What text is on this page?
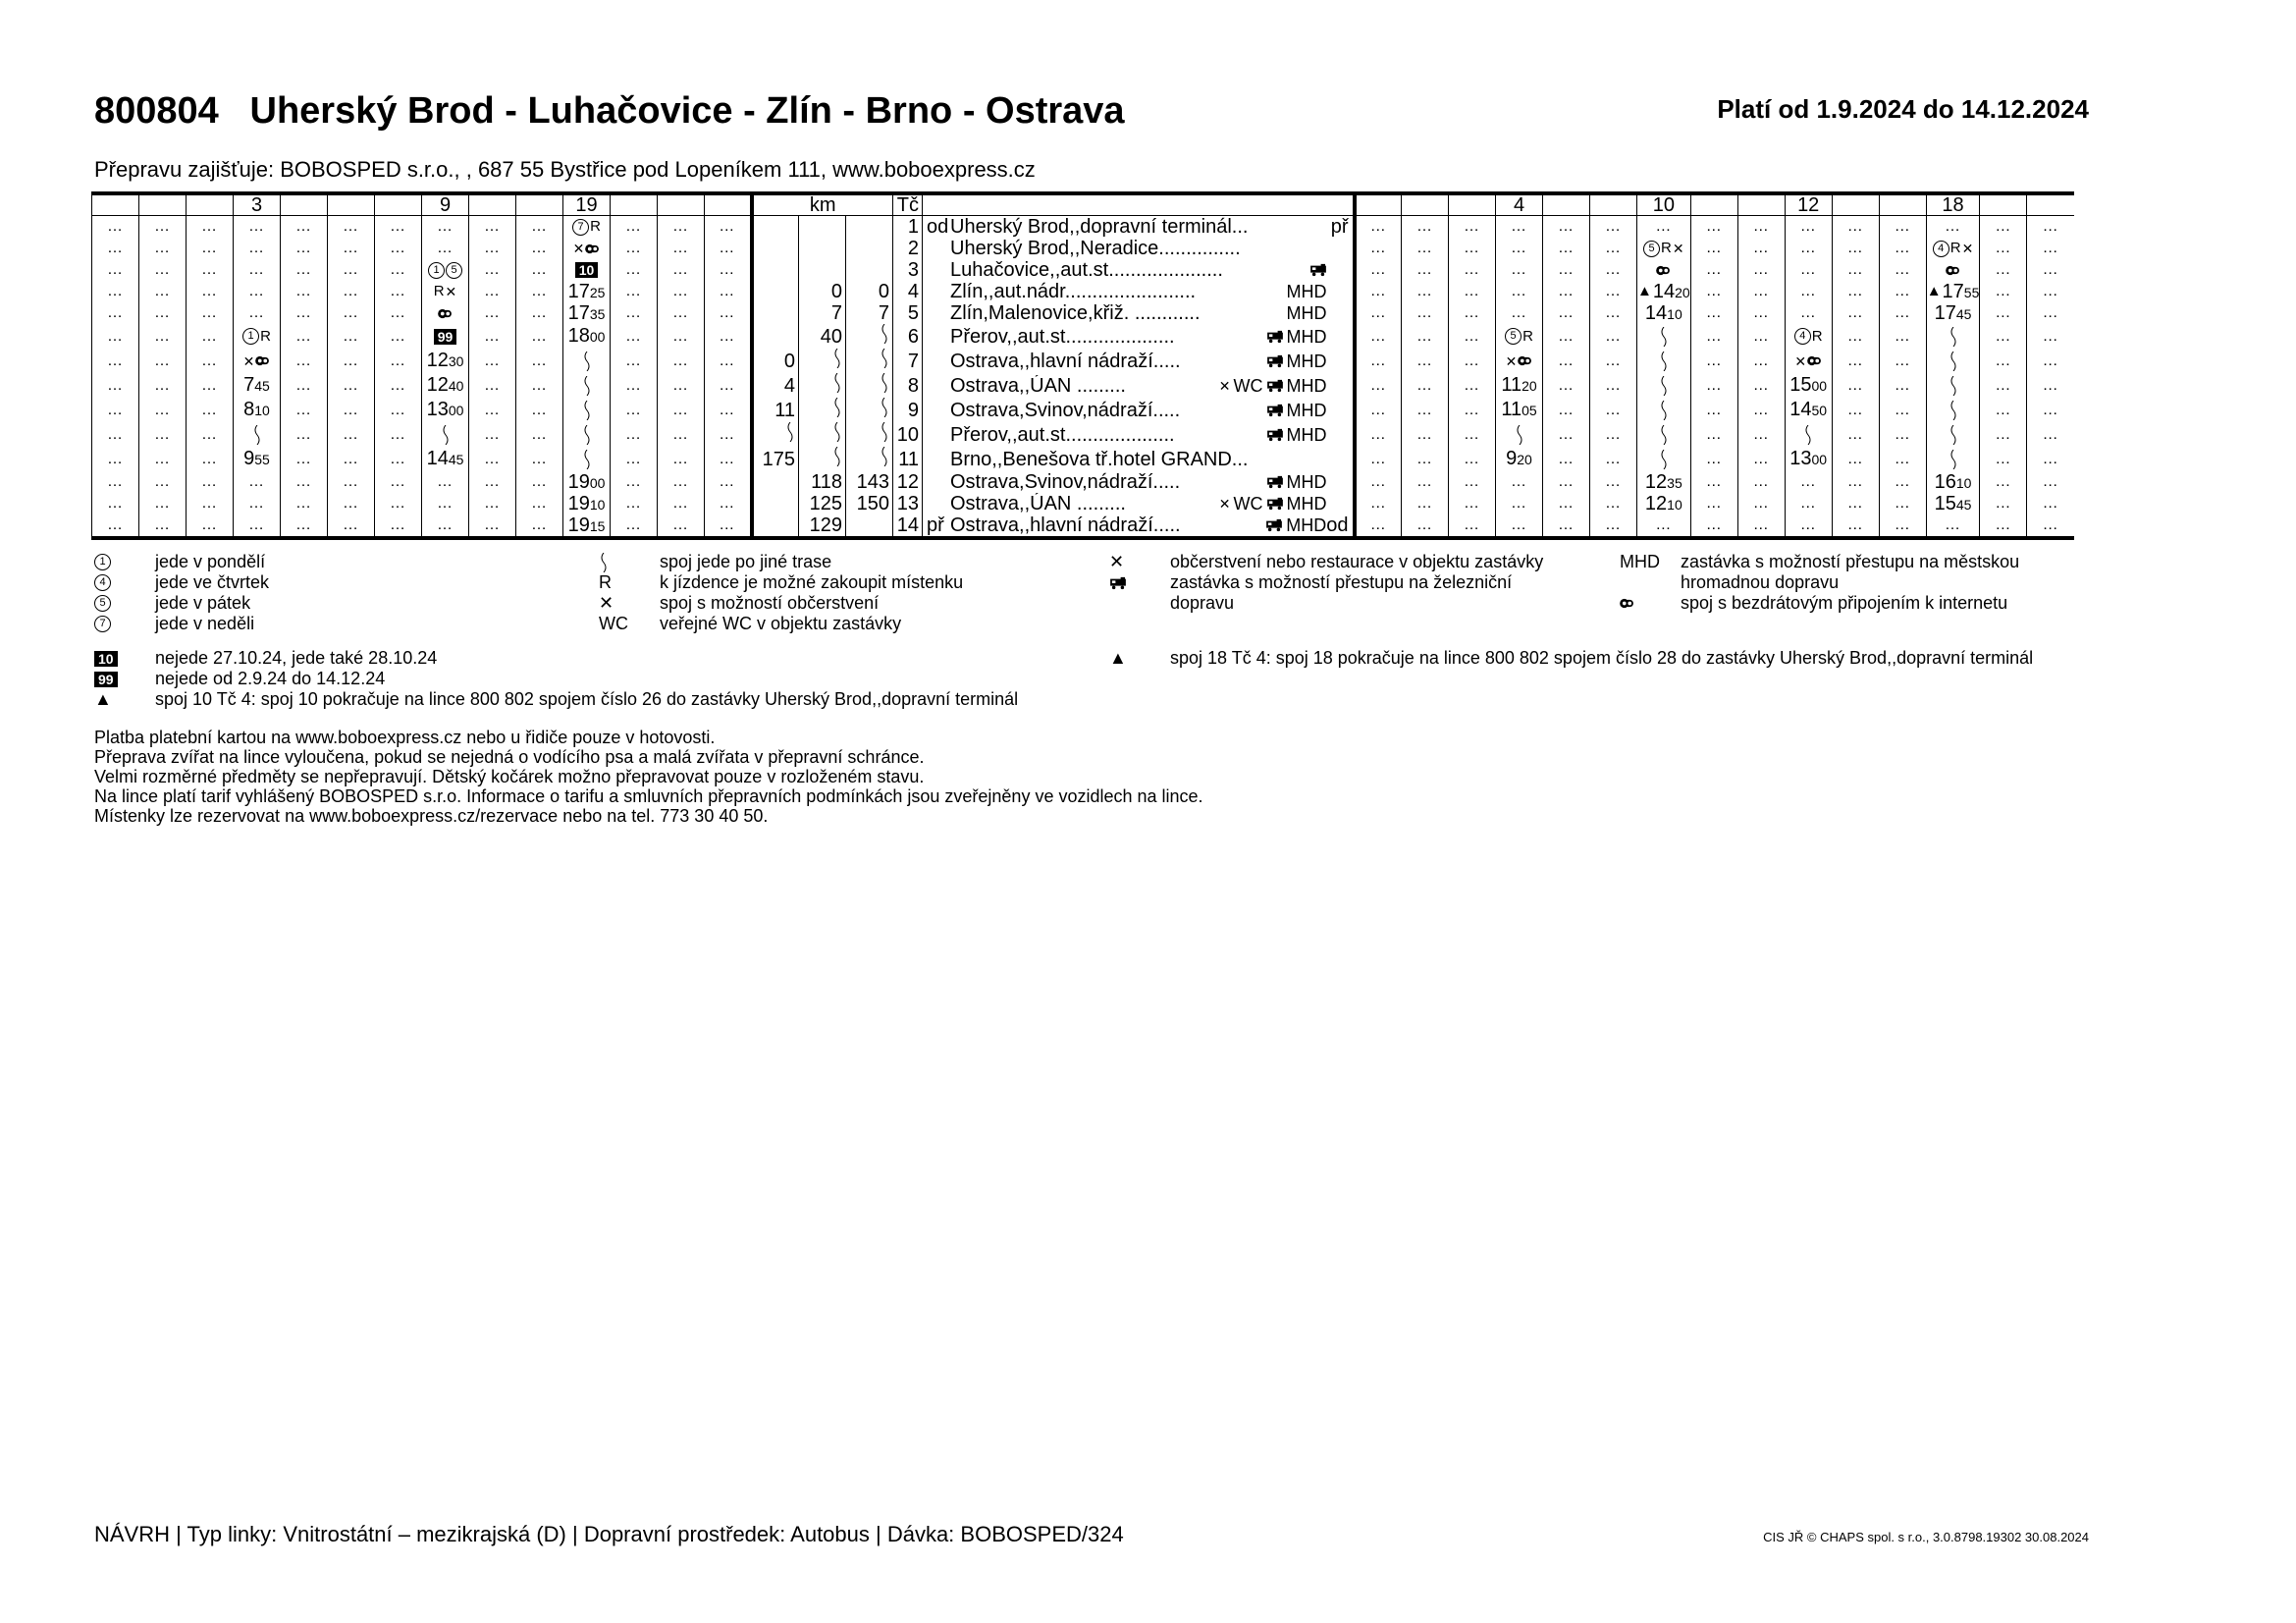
800804 Uherský Brod - Luhačovice - Zlín - Brno - Ostrava	Platí od 1.9.2024 do 14.12.2024
Přepravu zajišťuje: BOBOSPED s.r.o., , 687 55 Bystřice pod Lopeníkem 111, www.boboexpress.cz
			3				9			19				km			Tč					4			10			12			18		

…	…	…	…	…	…	…	…	…	…	7 R	…	…	…				1	od Uherský Brod,,dopravní terminál... př	…	…	…	…	…	…	…	…	…	…	…	…	…	…	…

…	…	…	…	…	…	…	…	…	…	✕	…	…	…				2	Uherský Brod,,Neradice...............	…	…	…	…	…	…	5 R ✕	…	…	…	…	…	4 R ✕	…	…

…	…	…	…	…	…	…	1 5	…	…	10	…	…	…				3	Luhačovice,,aut.st.....................	…	…	…	…	…	…		…	…	…	…	…		…	…

…	…	…	…	…	…	…	R ✕	…	…	1725	…	…	…		0	0	4	Zlín,,aut.nádr........................ MHD	…	…	…	…	…	…	▲ 1420	…	…	…	…	…	▲ 1755	…	…

…	…	…	…	…	…	…		…	…	1735	…	…	…		7	7	5	Zlín,Malenovice,křiž. ............ MHD	…	…	…	…	…	…	1410	…	…	…	…	…	1745	…	…

…	…	…	1 R	…	…	…	99	…	…	1800	…	…	…		40		6	Přerov,,aut.st.................... MHD	…	…	…	5 R	…	…		…	…	4 R	…	…		…	…

…	…	…	✕	…	…	…	1230	…	…		…	…	…	0			7	Ostrava,,hlavní nádraží..... MHD	…	…	…	✕	…	…		…	…	✕	…	…		…	…

…	…	…	745	…	…	…	1240	…	…		…	…	…	4			8	Ostrava,,ÚAN ......... ✕ WC MHD	…	…	…	1120	…	…		…	…	1500	…	…		…	…

…	…	…	810	…	…	…	1300	…	…		…	…	…	11			9	Ostrava,Svinov,nádraží..... MHD	…	…	…	1105	…	…		…	…	1450	…	…		…	…

…	…	…		…	…	…		…	…		…	…	…				10	Přerov,,aut.st.................... MHD	…	…	…		…	…		…	…		…	…		…	…

…	…	…	955	…	…	…	1445	…	…		…	…	…	175			11	Brno,,Benešova tř.hotel GRAND...	…	…	…	920	…	…		…	…	1300	…	…		…	…

…	…	…	…	…	…	…	…	…	…	1900	…	…	…		118	143	12	Ostrava,Svinov,nádraží..... MHD	…	…	…	…	…	…	1235	…	…	…	…	…	1610	…	…

…	…	…	…	…	…	…	…	…	…	1910	…	…	…		125	150	13	Ostrava,,ÚAN ......... ✕ WC MHD	…	…	…	…	…	…	1210	…	…	…	…	…	1545	…	…

…	…	…	…	…	…	…	…	…	…	1915	…	…	…		129		14	př Ostrava,,hlavní nádraží..... MHD od	…	…	…	…	…	…	…	…	…	…	…	…	…	…	…
1	jede v pondělí
4	jede ve čtvrtek
5	jede v pátek
7	jede v neděli
spoj jede po jiné trase
R	k jízdence je možné zakoupit místenku
✕	spoj s možností občerstvení
WC	veřejné WC v objektu zastávky
✕	občerstvení nebo restaurace v objektu zastávky
zastávka s možností přestupu na železniční dopravu
MHD	zastávka s možností přestupu na městskou hromadnou dopravu
spoj s bezdrátovým připojením k internetu
10 nejede 27.10.24, jede také 28.10.24
99 nejede od 2.9.24 do 14.12.24
▲	spoj 10 Tč 4: spoj 10 pokračuje na lince 800 802 spojem číslo 26 do zastávky Uherský Brod,,dopravní terminál
▲	spoj 18 Tč 4: spoj 18 pokračuje na lince 800 802 spojem číslo 28 do zastávky Uherský Brod,,dopravní terminál
Platba platební kartou na www.boboexpress.cz nebo u řidiče pouze v hotovosti.
Přeprava zvířat na lince vyloučena, pokud se nejedná o vodícího psa a malá zvířata v přepravní schránce.
Velmi rozměrné předměty se nepřepravují. Dětský kočárek možno přepravovat pouze v rozloženém stavu.
Na lince platí tarif vyhlášený BOBOSPED s.r.o. Informace o tarifu a smluvních přepravních podmínkách jsou zveřejněny ve vozidlech na lince.
Místenky lze rezervovat na www.boboexpress.cz/rezervace nebo na tel. 773 30 40 50.
NÁVRH | Typ linky: Vnitrostátní – mezikrajská (D) | Dopravní prostředek: Autobus | Dávka: BOBOSPED/324	CIS JŘ © CHAPS spol. s r.o., 3.0.8798.19302 30.08.2024
